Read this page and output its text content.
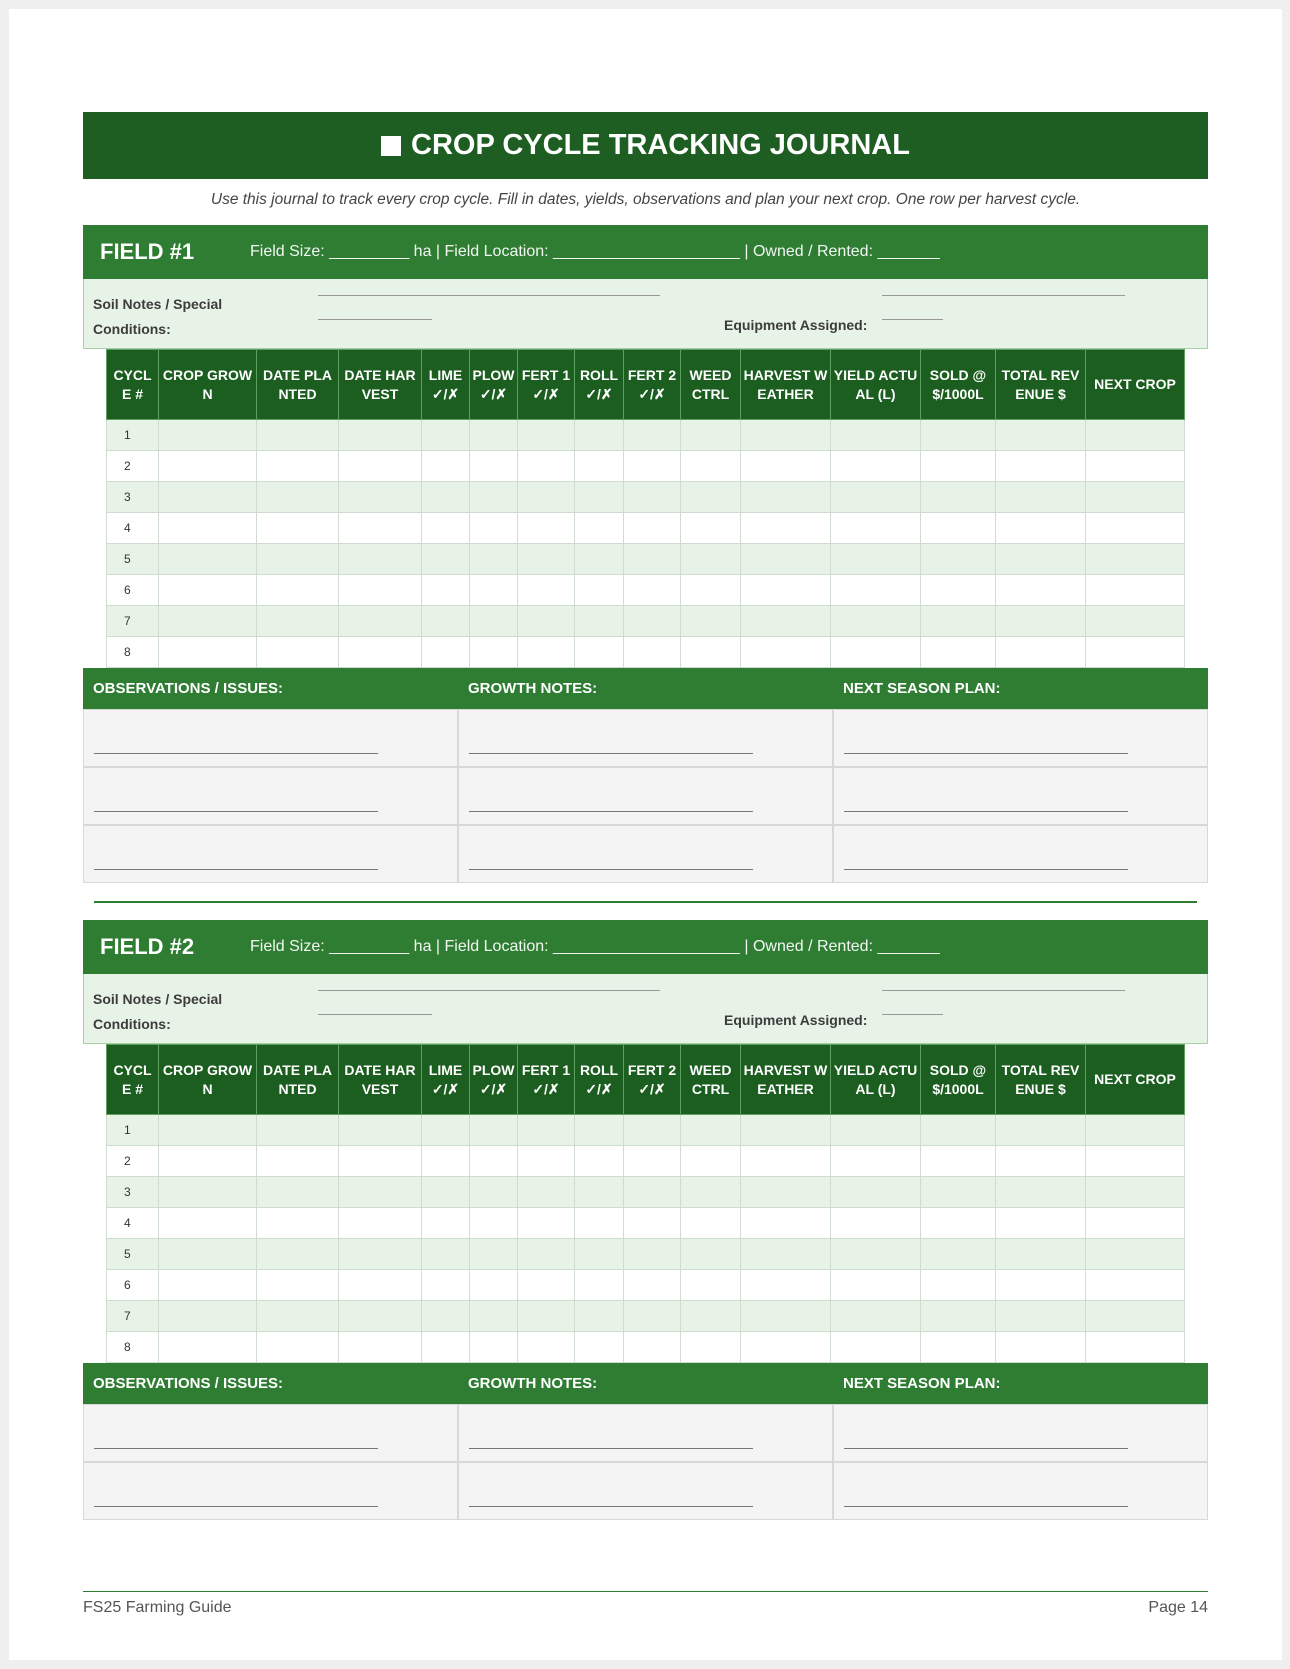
CROP CYCLE TRACKING JOURNAL
Use this journal to track every crop cycle. Fill in dates, yields, observations and plan your next crop. One row per harvest cycle.
FIELD #1	Field Size: _________ ha | Field Location: _____________________ | Owned / Rented: _______
Soil Notes / Special
Conditions:	Equipment Assigned:
CYCLE #	CROP GROWN	DATE PLANTED	DATE HARVEST	LIME ✓/✗	PLOW ✓/✗	FERT 1 ✓/✗	ROLL ✓/✗	FERT 2 ✓/✗	WEED CTRL	HARVEST WEATHER	YIELD ACTUAL (L)	SOLD @ $/1000L	TOTAL REVENUE $	NEXT CROP
1														
2														
3														
4														
5														
6														
7														
8														
OBSERVATIONS / ISSUES:	GROWTH NOTES:	NEXT SEASON PLAN:
FIELD #2	Field Size: _________ ha | Field Location: _____________________ | Owned / Rented: _______
Soil Notes / Special
Conditions:	Equipment Assigned:
CYCLE #	CROP GROWN	DATE PLANTED	DATE HARVEST	LIME ✓/✗	PLOW ✓/✗	FERT 1 ✓/✗	ROLL ✓/✗	FERT 2 ✓/✗	WEED CTRL	HARVEST WEATHER	YIELD ACTUAL (L)	SOLD @ $/1000L	TOTAL REVENUE $	NEXT CROP
1														
2														
3														
4														
5														
6														
7														
8														
OBSERVATIONS / ISSUES:	GROWTH NOTES:	NEXT SEASON PLAN:
FS25 Farming Guide	Page 14
